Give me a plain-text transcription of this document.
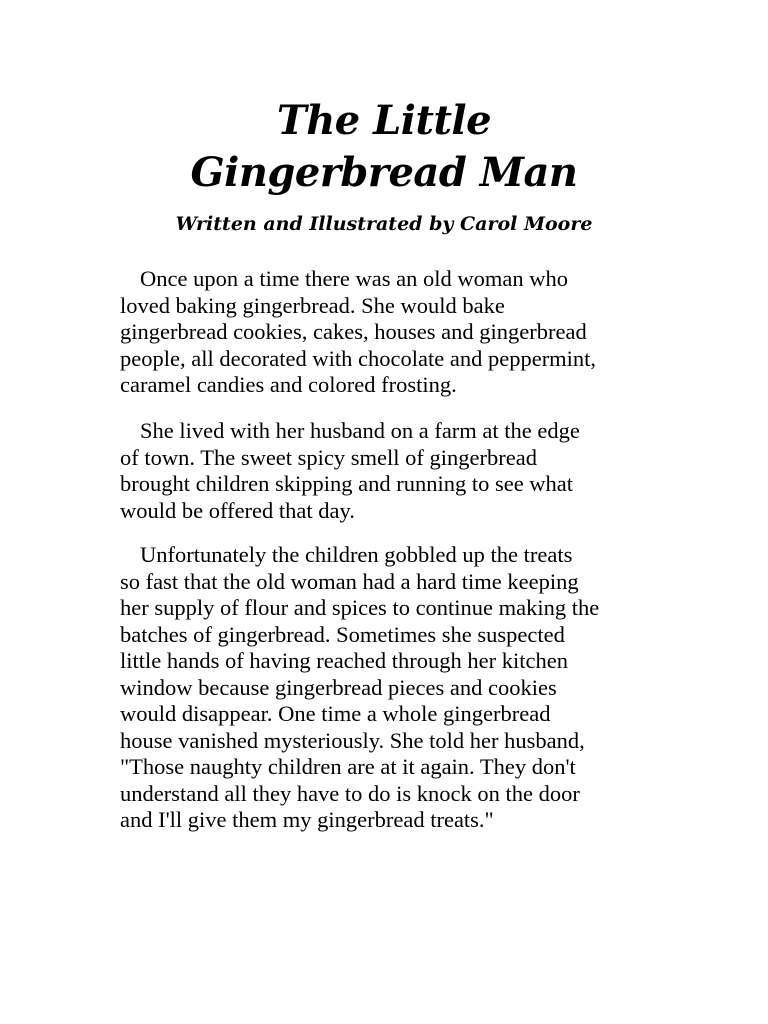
The Little
Gingerbread Man

Written and Illustrated by Carol Moore

Once upon a time there was an old woman who
loved baking gingerbread. She would bake
gingerbread cookies, cakes, houses and gingerbread
people, all decorated with chocolate and peppermint,
caramel candies and colored frosting.
She lived with her husband on a farm at the edge
of town. The sweet spicy smell of gingerbread
brought children skipping and running to see what
would be offered that day.
Unfortunately the children gobbled up the treats
so fast that the old woman had a hard time keeping
her supply of flour and spices to continue making the
batches of gingerbread. Sometimes she suspected
little hands of having reached through her kitchen
window because gingerbread pieces and cookies
would disappear. One time a whole gingerbread
house vanished mysteriously. She told her husband,
"Those naughty children are at it again. They don't
understand all they have to do is knock on the door
and I'll give them my gingerbread treats."
